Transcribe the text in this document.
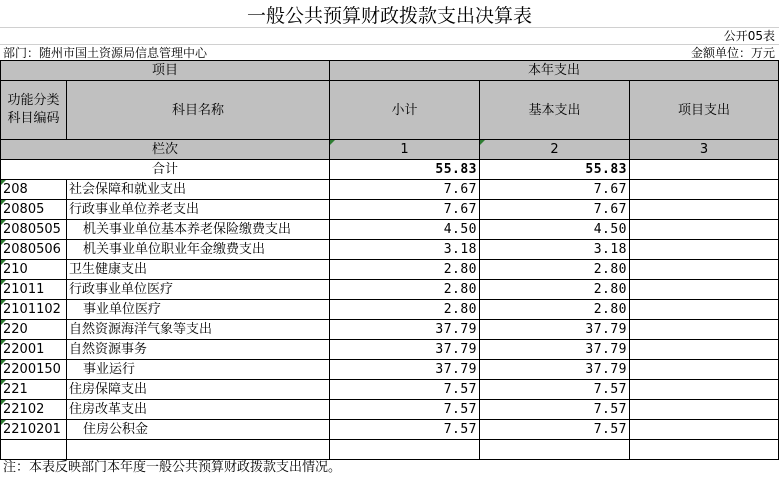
一般公共预算财政拨款支出决算表
公开05表
部门：随州市国土资源局信息管理中心	金额单位：万元
项目		本年支出		
功能分类
科目编码	科目名称	小计	基本支出	项目支出
栏次		1	2	3
合计		55.83	55.83	
208	社会保障和就业支出	7.67	7.67	
20805	行政事业单位养老支出	7.67	7.67	
2080505	机关事业单位基本养老保险缴费支出	4.50	4.50	
2080506	机关事业单位职业年金缴费支出	3.18	3.18	
210	卫生健康支出	2.80	2.80	
21011	行政事业单位医疗	2.80	2.80	
2101102	事业单位医疗	2.80	2.80	
220	自然资源海洋气象等支出	37.79	37.79	
22001	自然资源事务	37.79	37.79	
2200150	事业运行	37.79	37.79	
221	住房保障支出	7.57	7.57	
22102	住房改革支出	7.57	7.57	
2210201	住房公积金	7.57	7.57	

注：本表反映部门本年度一般公共预算财政拨款支出情况。
